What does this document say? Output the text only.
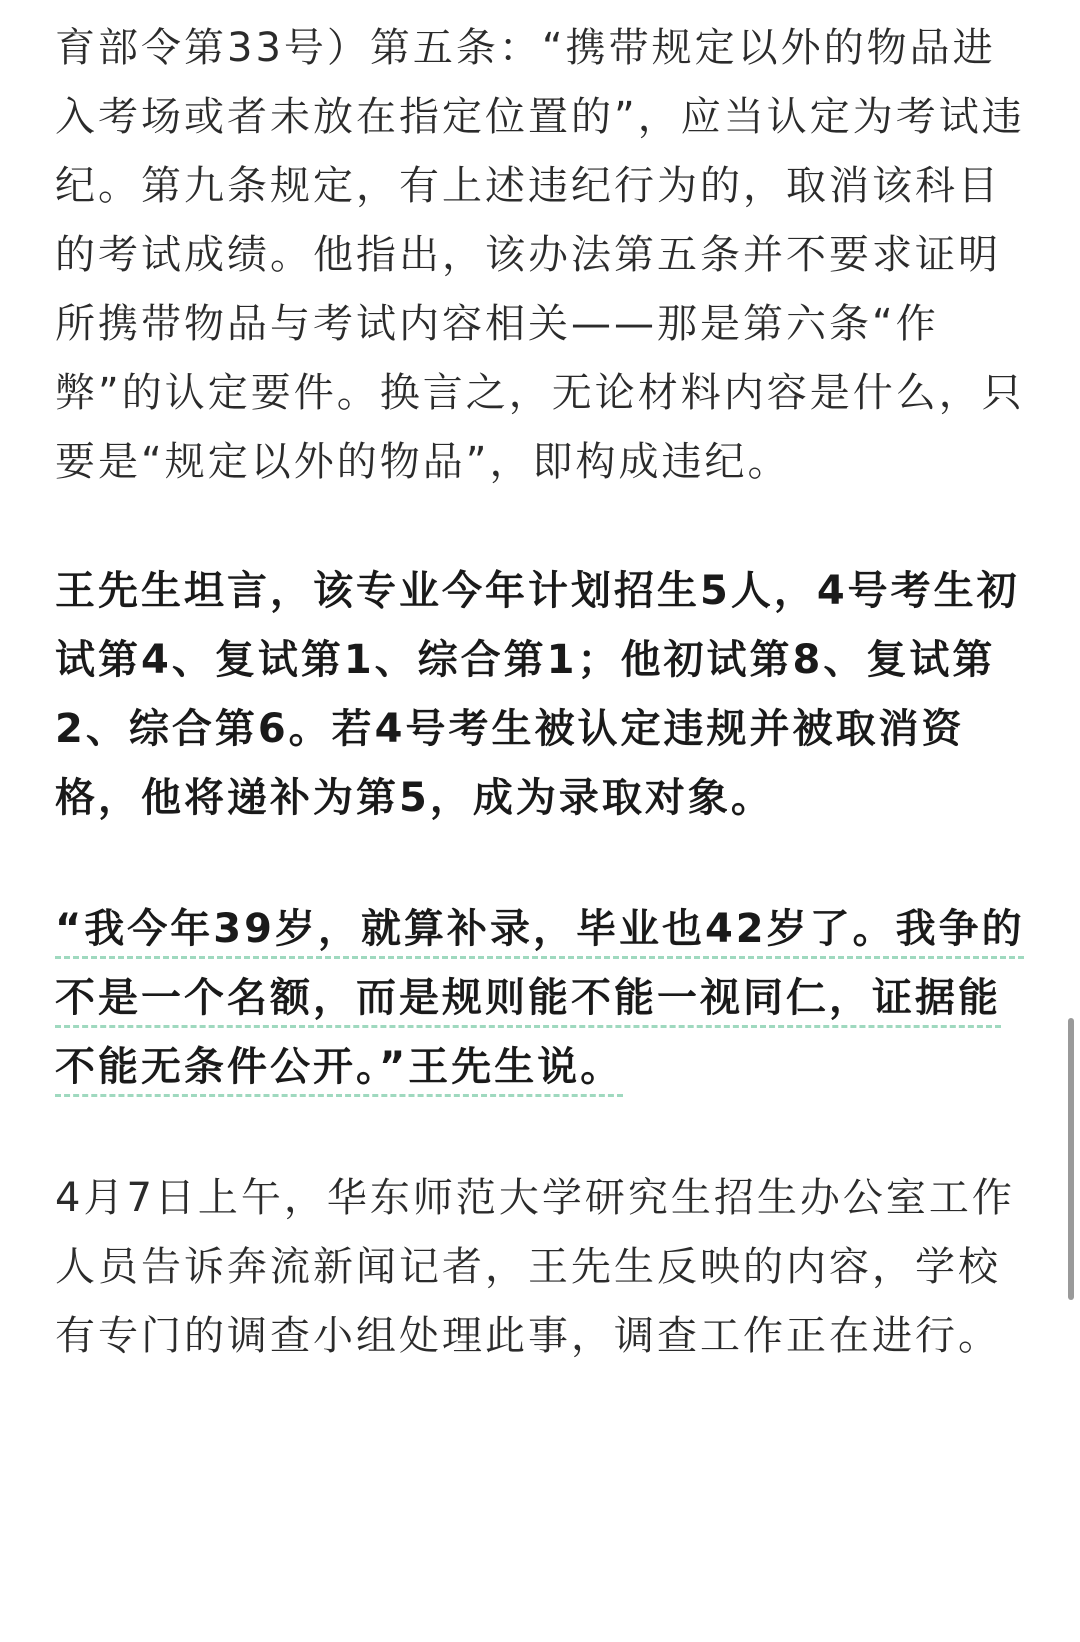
育部令第33号）第五条：“携带规定以外的物品进入考场或者未放在指定位置的”，应当认定为考试违纪。第九条规定，有上述违纪行为的，取消该科目的考试成绩。他指出，该办法第五条并不要求证明所携带物品与考试内容相关——那是第六条“作弊”的认定要件。换言之，无论材料内容是什么，只要是“规定以外的物品”，即构成违纪。

王先生坦言，该专业今年计划招生5人，4号考生初试第4、复试第1、综合第1；他初试第8、复试第2、综合第6。若4号考生被认定违规并被取消资格，他将递补为第5，成为录取对象。

“我今年39岁，就算补录，毕业也42岁了。我争的不是一个名额，而是规则能不能一视同仁，证据能不能无条件公开。”王先生说。

4月7日上午，华东师范大学研究生招生办公室工作人员告诉奔流新闻记者，王先生反映的内容，学校有专门的调查小组处理此事，调查工作正在进行。
